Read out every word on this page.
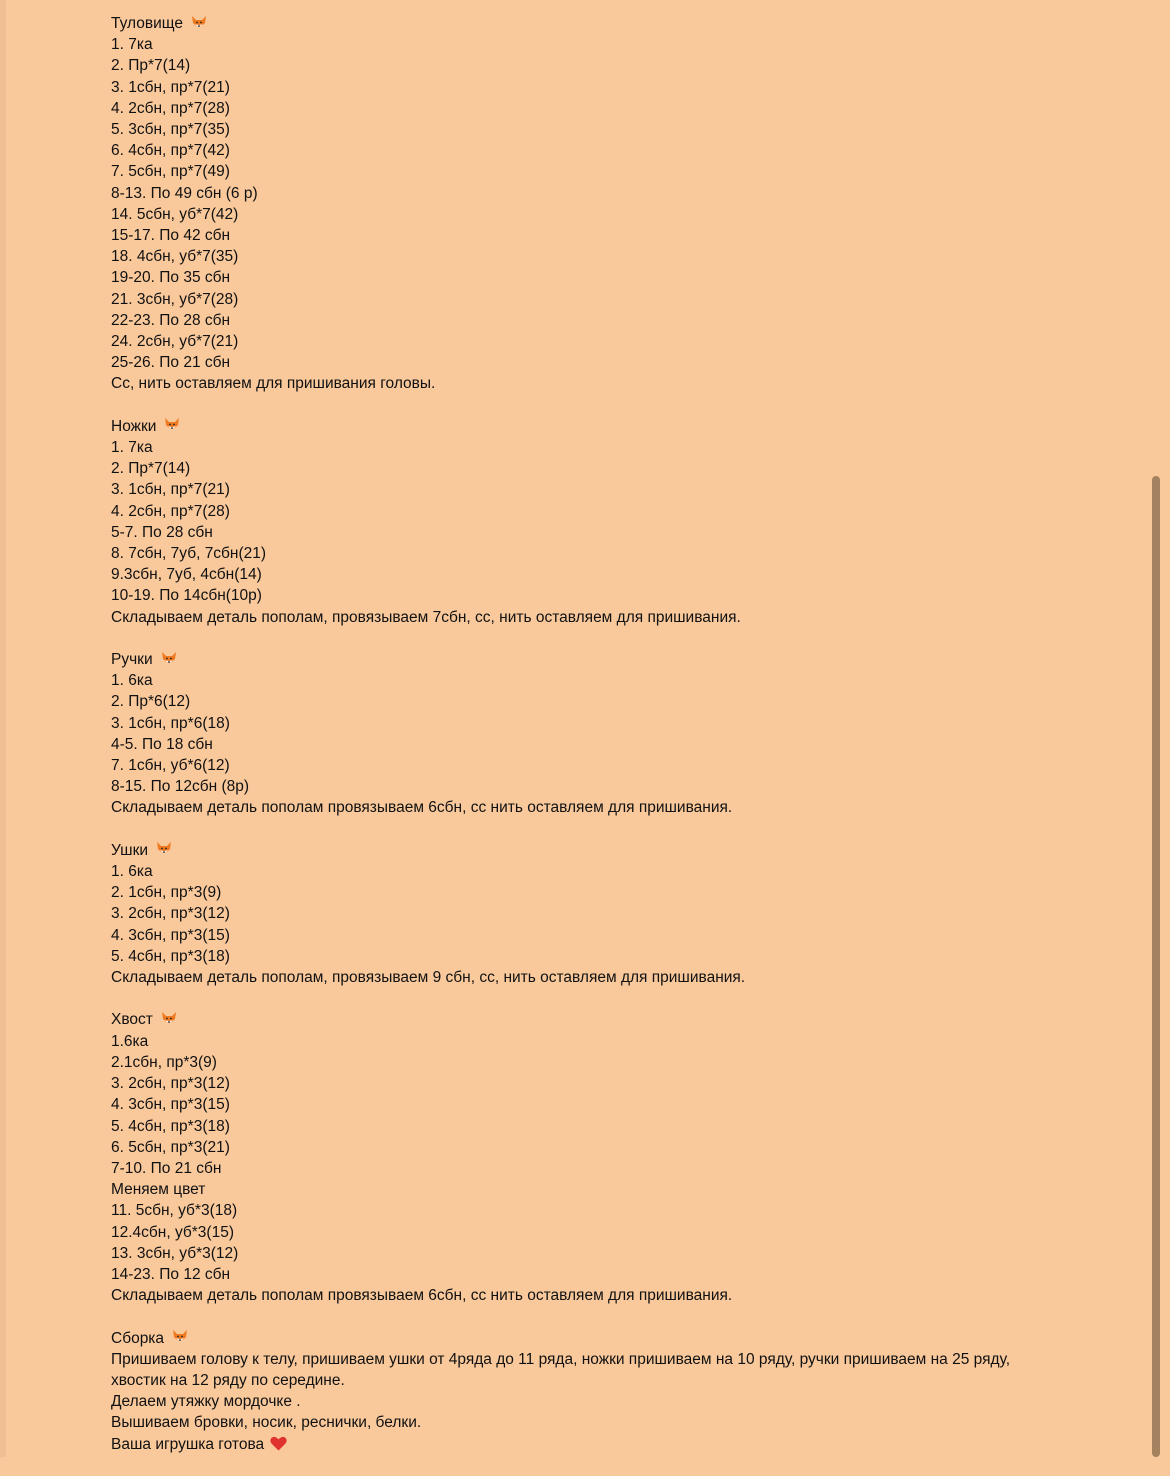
Туловище
1. 7ка
2. Пр*7(14)
3. 1сбн, пр*7(21)
4. 2сбн, пр*7(28)
5. 3сбн, пр*7(35)
6. 4сбн, пр*7(42)
7. 5сбн, пр*7(49)
8-13. По 49 сбн (6 р)
14. 5сбн, уб*7(42)
15-17. По 42 сбн
18. 4сбн, уб*7(35)
19-20. По 35 сбн
21. 3сбн, уб*7(28)
22-23. По 28 сбн
24. 2сбн, уб*7(21)
25-26. По 21 сбн
Сс, нить оставляем для пришивания головы.
Ножки
1. 7ка
2. Пр*7(14)
3. 1сбн, пр*7(21)
4. 2сбн, пр*7(28)
5-7. По 28 сбн
8. 7сбн, 7уб, 7сбн(21)
9.3сбн, 7уб, 4сбн(14)
10-19. По 14сбн(10р)
Складываем деталь пополам, провязываем 7сбн, сс, нить оставляем для пришивания.
Ручки
1. 6ка
2. Пр*6(12)
3. 1сбн, пр*6(18)
4-5. По 18 сбн
7. 1сбн, уб*6(12)
8-15. По 12сбн (8р)
Складываем деталь пополам провязываем 6сбн, сс нить оставляем для пришивания.
Ушки
1. 6ка
2. 1сбн, пр*3(9)
3. 2сбн, пр*3(12)
4. 3сбн, пр*3(15)
5. 4сбн, пр*3(18)
Складываем деталь пополам, провязываем 9 сбн, сс, нить оставляем для пришивания.
Хвост
1.6ка
2.1сбн, пр*3(9)
3. 2сбн, пр*3(12)
4. 3сбн, пр*3(15)
5. 4сбн, пр*3(18)
6. 5сбн, пр*3(21)
7-10. По 21 сбн
Меняем цвет
11. 5сбн, уб*3(18)
12.4сбн, уб*3(15)
13. 3сбн, уб*3(12)
14-23. По 12 сбн
Складываем деталь пополам провязываем 6сбн, сс нить оставляем для пришивания.
Сборка
Пришиваем голову к телу, пришиваем ушки от 4ряда до 11 ряда, ножки пришиваем на 10 ряду, ручки пришиваем на 25 ряду,
хвостик на 12 ряду по середине.
Делаем утяжку мордочке .
Вышиваем бровки, носик, реснички, белки.
Ваша игрушка готова
